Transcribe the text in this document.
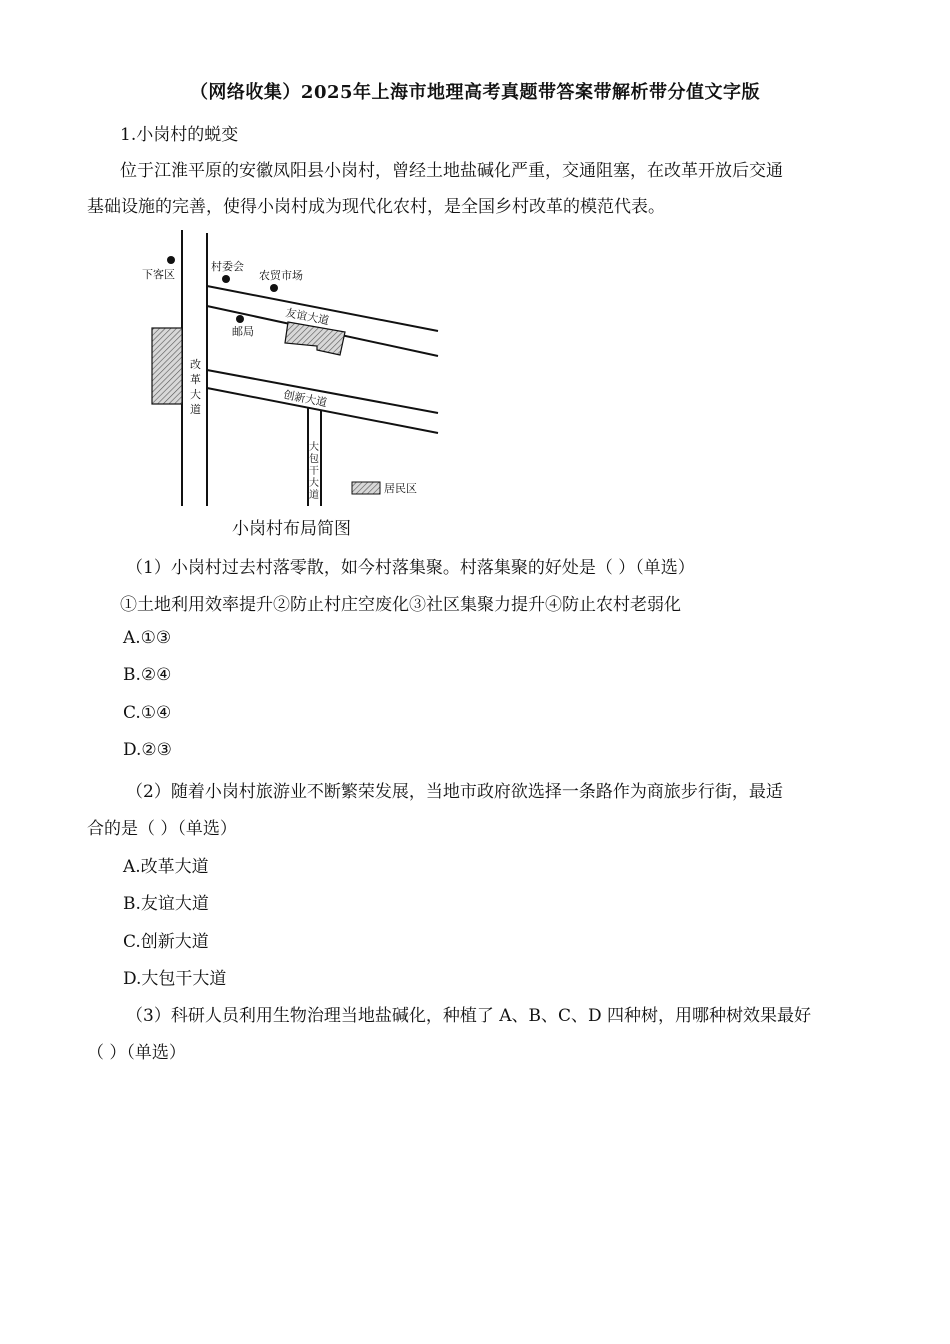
（网络收集）2025年上海市地理高考真题带答案带解析带分值文字版
1.小岗村的蜕变
位于江淮平原的安徽凤阳县小岗村，曾经土地盐碱化严重，交通阻塞，在改革开放后交通
基础设施的完善，使得小岗村成为现代化农村，是全国乡村改革的模范代表。
下客区
村委会
农贸市场
邮局
友谊大道
创新大道
改
革
大
道
大
包
干
大
道
居民区
小岗村布局简图
（1）小岗村过去村落零散，如今村落集聚。村落集聚的好处是（ ）（单选）
①土地利用效率提升②防止村庄空废化③社区集聚力提升④防止农村老弱化
A.①③
B.②④
C.①④
D.②③
（2）随着小岗村旅游业不断繁荣发展，当地市政府欲选择一条路作为商旅步行街，最适
合的是（ ）（单选）
A.改革大道
B.友谊大道
C.创新大道
D.大包干大道
（3）科研人员利用生物治理当地盐碱化，种植了 A、B、C、D 四种树，用哪种树效果最好
（ ）（单选）
